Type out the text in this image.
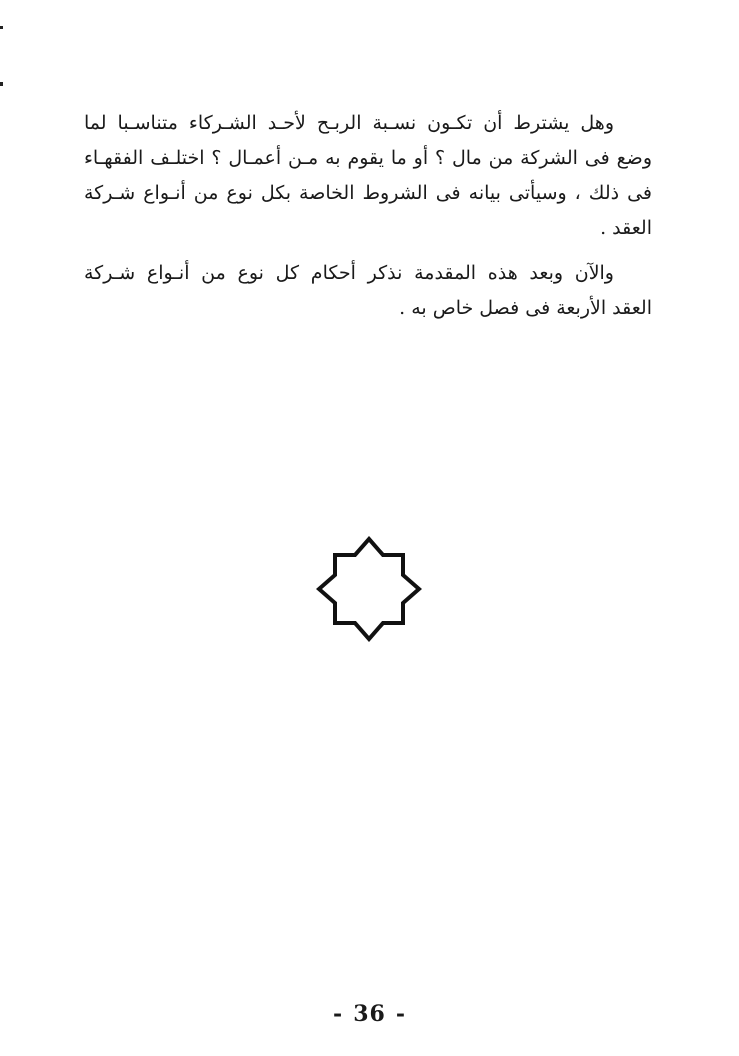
وهل يشترط أن تكـون نسـبة الربـح لأحـد الشـركاء متناسـبا لما
وضع فى الشركة من مال ؟ أو ما يقوم به مـن أعمـال ؟ اختلـف الفقهـاء
فى ذلك ، وسيأتى بيانه فى الشروط الخاصة بكل نوع من أنـواع شـركة
العقد .
والآن وبعد هذه المقدمة نذكر أحكام كل نوع من أنـواع شـركة
العقد الأربعة فى فصل خاص به .
- 36 -
